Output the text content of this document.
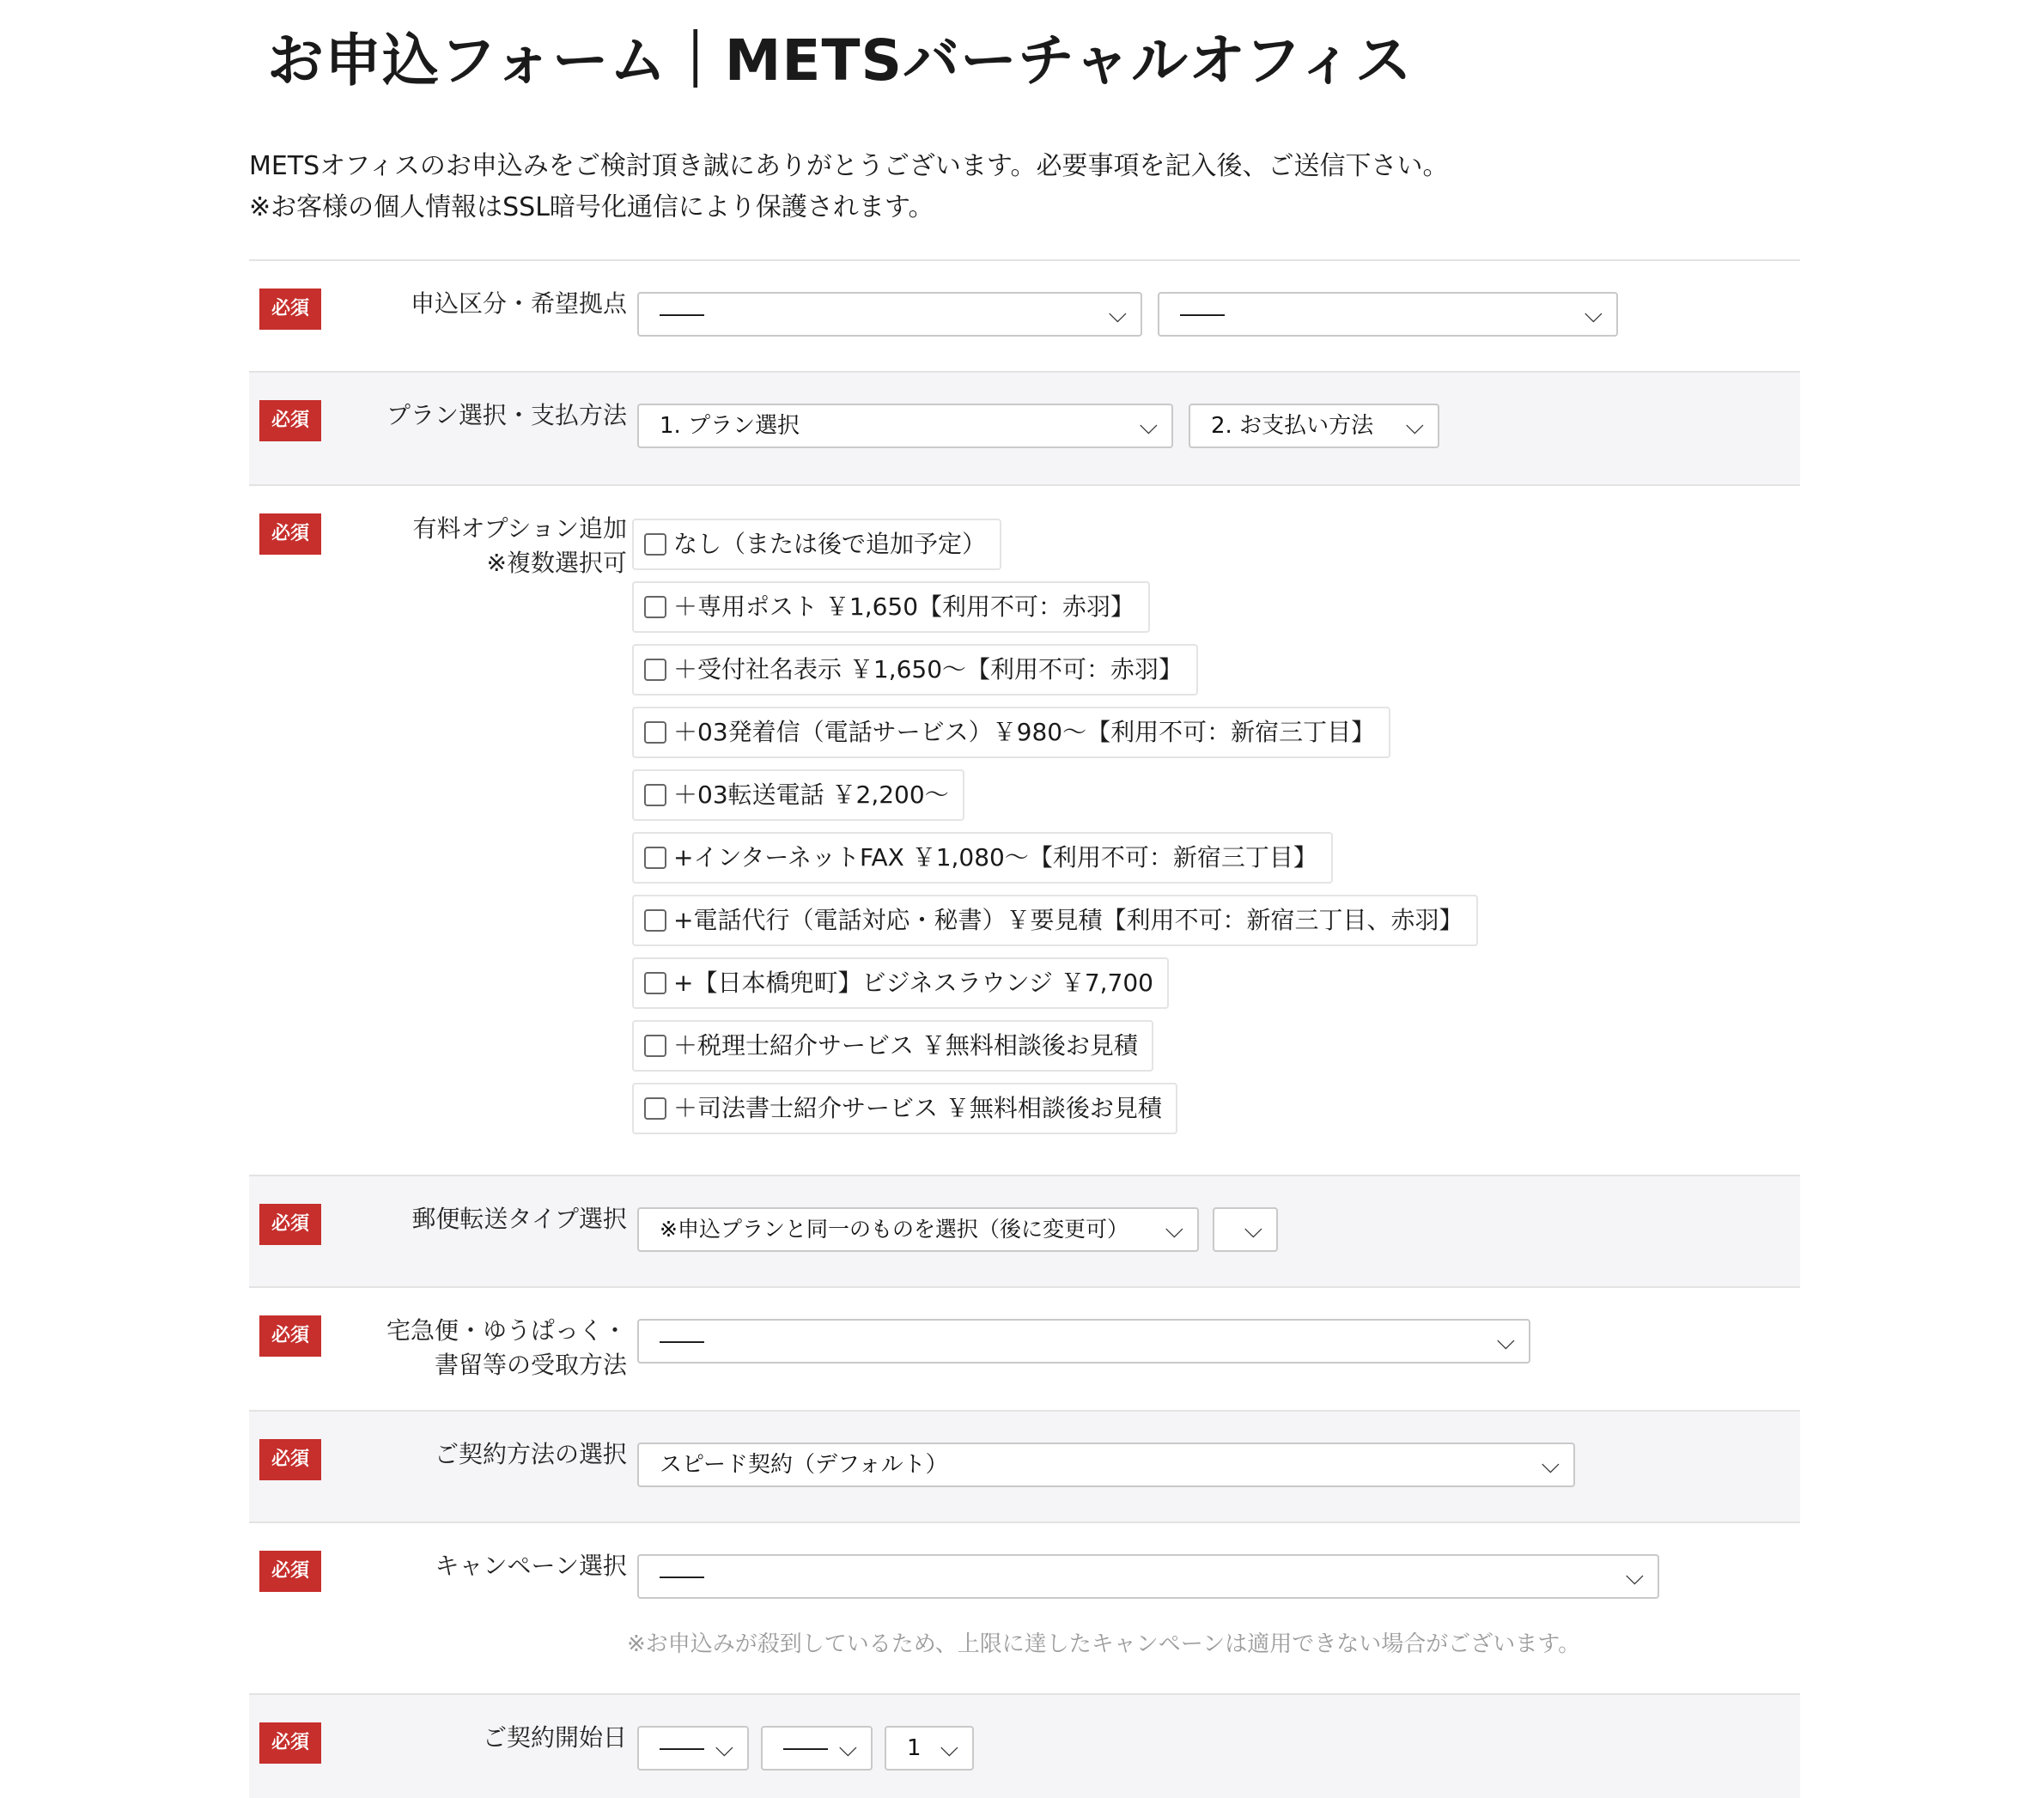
お申込フォーム｜METSバーチャルオフィス
METSオフィスのお申込みをご検討頂き誠にありがとうございます。必要事項を記入後、ご送信下さい。
※お客様の個人情報はSSL暗号化通信により保護されます。
必須	申込区分・希望拠点	――	⌵	――	⌵
必須	プラン選択・支払方法	1. プラン選択	⌵	2. お支払い方法 ⌵
必須	有料オプション追加
※複数選択可
なし（または後で追加予定）
＋専用ポスト ￥1,650【利用不可：赤羽】
＋受付社名表示 ￥1,650〜【利用不可：赤羽】
＋03発着信（電話サービス）￥980〜【利用不可：新宿三丁目】
＋03転送電話 ￥2,200〜
+インターネットFAX ￥1,080〜【利用不可：新宿三丁目】
+電話代行（電話対応・秘書）￥要見積【利用不可：新宿三丁目、赤羽】
+【日本橋兜町】ビジネスラウンジ ￥7,700
＋税理士紹介サービス ￥無料相談後お見積
＋司法書士紹介サービス ￥無料相談後お見積
必須	郵便転送タイプ選択	※申込プランと同一のものを選択（後に変更可） ⌵	⌵
必須	宅急便・ゆうぱっく・
書留等の受取方法
――	⌵
必須	ご契約方法の選択	スピード契約（デフォルト）	⌵
必須	キャンペーン選択	――	⌵
※お申込みが殺到しているため、上限に達したキャンペーンは適用できない場合がございます。
必須	ご契約開始日	―― ⌵	―― ⌵	1 ⌵
